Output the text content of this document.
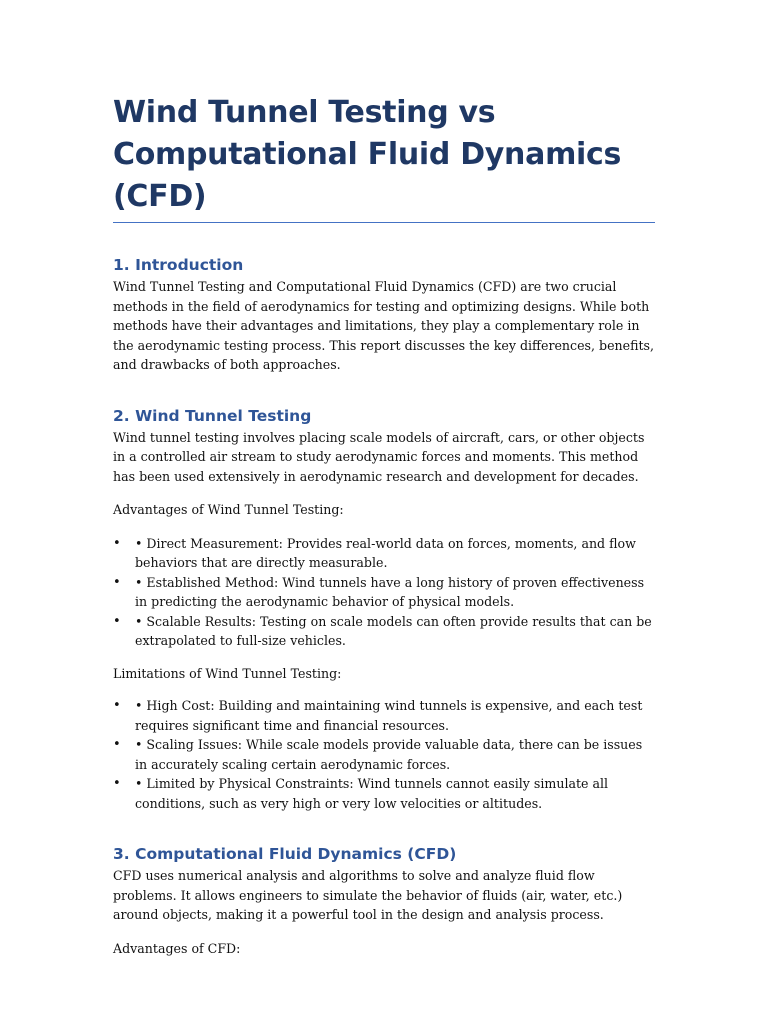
Wind Tunnel Testing vs Computational Fluid Dynamics (CFD)
1. Introduction

Wind Tunnel Testing and Computational Fluid Dynamics (CFD) are two crucial methods in the field of aerodynamics for testing and optimizing designs. While both methods have their advantages and limitations, they play a complementary role in the aerodynamic testing process. This report discusses the key differences, benefits, and drawbacks of both approaches.

2. Wind Tunnel Testing

Wind tunnel testing involves placing scale models of aircraft, cars, or other objects in a controlled air stream to study aerodynamic forces and moments. This method has been used extensively in aerodynamic research and development for decades.

Advantages of Wind Tunnel Testing:

• • Direct Measurement: Provides real-world data on forces, moments, and flow behaviors that are directly measurable.
• • Established Method: Wind tunnels have a long history of proven effectiveness in predicting the aerodynamic behavior of physical models.
• • Scalable Results: Testing on scale models can often provide results that can be extrapolated to full-size vehicles.

Limitations of Wind Tunnel Testing:

• • High Cost: Building and maintaining wind tunnels is expensive, and each test requires significant time and financial resources.
• • Scaling Issues: While scale models provide valuable data, there can be issues in accurately scaling certain aerodynamic forces.
• • Limited by Physical Constraints: Wind tunnels cannot easily simulate all conditions, such as very high or very low velocities or altitudes.
3. Computational Fluid Dynamics (CFD)

CFD uses numerical analysis and algorithms to solve and analyze fluid flow problems. It allows engineers to simulate the behavior of fluids (air, water, etc.) around objects, making it a powerful tool in the design and analysis process.

Advantages of CFD:
